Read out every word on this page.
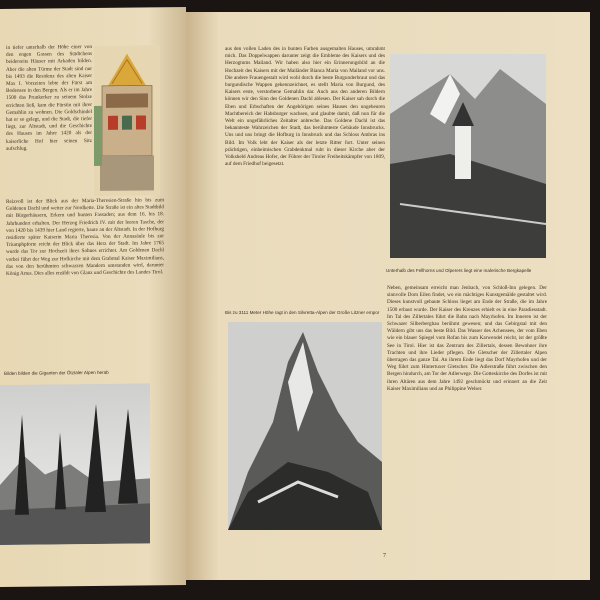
in tiefer unterhalb der Höhe einer von den engen Gassen des Städtchens beiderseits Häuser mit Arkaden bilden. Aber die alten Türme der Stadt sind nur bis 1493 die Residenz des alten Kaiser Max I. Vorzeiten lebte der Fürst am Bodensee in den Bergen. Als er im Jahre 1500 das Prunkerker zu seinem Stolze errichten ließ, kam die Fürstin mit ihrer Gemahlin zu wohnen. Die Goldschindel hat er so gelegt, und die Stadt, die tiefer liegt, zur Altstadt, und die Geschichte des Hauses im Jahre 1420 als der kaiserliche Hof hier seinen Sitz aufschlug.
Reizvoll ist der Blick aus der Maria-Theresien-Straße hin bis zum Goldenen Dachl und weiter zur Nordkette. Die Straße ist ein altes Stadtbild mit Bürgerhäusern, Erkern und bunten Fassaden; aus dem 16. bis 18. Jahrhundert erhalten. Der Herzog Friedrich IV. mit der leeren Tasche, der von 1420 bis 1439 hier Land regierte, baute an der Altstadt. In der Hofburg residierte später Kaiserin Maria Theresia. Von der Annasäule bis zur Triumphpforte reicht der Blick über das Herz der Stadt. Im Jahre 1765 wurde das Tor zur Hochzeit ihres Sohnes errichtet. Am Goldenen Dachl vorbei führt der Weg zur Hofkirche mit dem Grabmal Kaiser Maximilians, das von den berühmten schwarzen Mandern umstanden wird, darunter König Artus. Dies alles erzählt von Glanz und Geschichte des Landes Tirol.
Bilden bilden die Giganten der Ötztaler Alpen herab
aus den vollen Laden des in bunten Farben ausgemalten Hauses, umrahmt mich. Das Doppelwappen darunter zeigt die Embleme des Kaisers und des Herzogtums Mailand. Wir haben also hier ein Erinnerungsbild an die Hochzeit des Kaisers mit der Mailänder Bianca Maria von Mailand vor uns. Die andere Frauengestalt wird wohl durch die beste Burgunderbraut und das burgundische Wappen gekennzeichnet, es stellt Maria von Burgund, des Kaisers erste, verstorbene Gemahlin dar. Auch aus den anderen Bildern können wir den Sinn des Goldenen Dachl ablesen. Der Kaiser sah durch die Eben und Erbschaften der Angehörigen seines Hauses den ungeheuren Machtbereich der Habsburger wachsen, und glaubte damit, daß nun für die Welt ein ungefährliches Zeitalter anbreche. Das Goldene Dachl ist das bekannteste Wahrzeichen der Stadt, das berühmteste Gebäude Innsbrucks. Uns und uns bringt die Hofburg in Innsbruck und das Schloss Ambras ins Bild. Im Volk lebt der Kaiser als der letzte Ritter fort. Unter seinen prächtigen, einheimischen Grabdenkmal ruht in dieser Kirche aber der Volksheld Andreas Hofer, der Führer der Tiroler Freiheitskämpfer von 1809, auf dem Friedhof beigesetzt.
Unterhalb des Fellhorns und Olperers liegt eine malerische Bergkapelle
Neben, gemeinsam erreicht man Jenbach, von Schloß-Inn gelegen. Der sinnvolle Dom Eilen findet, wo ein mächtiges Kunstgemälde gestaltet wird. Dieses kunstvoll gebaute Schloss lieget am Ende der Straße, die im Jahre 1500 erbaut wurde. Der Kaiser des Kreuzes erhielt es in eine Paradiesstadt. Im Tal des Zillertales führt die Bahn nach Mayrhofen. Im Inneren ist der Schwazer Silberbergbau berühmt gewesen; und das Gebirgstal mit den Wäldern gibt uns das beste Bild. Das Wasser des Achensees, der vom Eben wie ein blauer Spiegel vom Rofan bis zum Karwendel reicht, ist der größte See in Tirol. Hier ist das Zentrum des Zillertals, dessen Bewohner ihre Trachten und ihre Lieder pflegen. Die Gletscher der Zillertaler Alpen überragen das ganze Tal. An ihrem Ende liegt das Dorf Mayrhofen und der Weg führt zum Hintertuxer Gletscher. Die Adlerstraße führt zwischen den Bergen hindurch, am Tor der Adlerwege. Die Gotteskirche des Dorfes ist mit ihren Altären aus dem Jahre 1492 geschmückt und erinnert an die Zeit Kaiser Maximilians und an Philippine Welser.
Bis zu 3111 Meter Höhe ragt in den Silvretta-Alpen der Große Litzner empor
7
